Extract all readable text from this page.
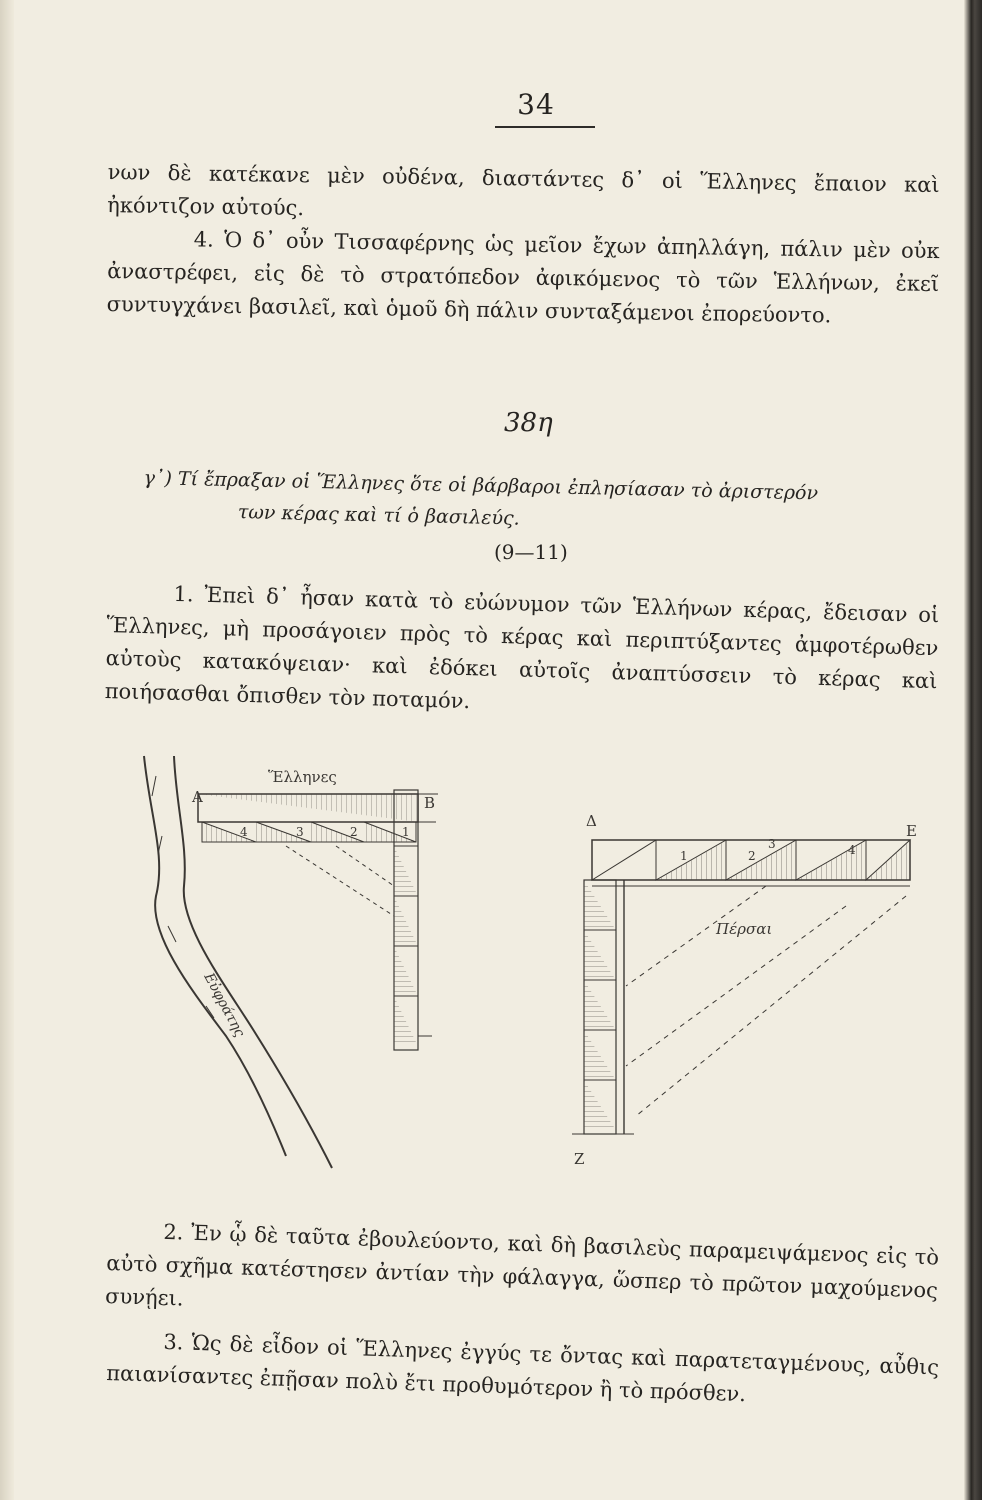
34

νων δὲ κατέκανε μὲν οὐδένα, διαστάντες δ᾽ οἱ Ἕλληνες ἔπαιον καὶ ἠκόντιζον αὐτούς.

4. Ὁ δ᾽ οὖν Τισσαφέρνης ὡς μεῖον ἔχων ἀπηλλάγη, πάλιν μὲν οὐκ ἀναστρέφει, εἰς δὲ τὸ στρατόπεδον ἀφικόμενος τὸ τῶν Ἑλλήνων, ἐκεῖ συντυγχάνει βασιλεῖ, καὶ ὁμοῦ δὴ πάλιν συνταξάμενοι ἐπορεύοντο.

38η
γ᾽) Τί ἔπραξαν οἱ Ἕλληνες ὅτε οἱ βάρβαροι ἐπλησίασαν τὸ ἀριστερόν
των κέρας καὶ τί ὁ βασιλεύς.
(9—11)

1. Ἐπεὶ δ᾽ ἦσαν κατὰ τὸ εὐώνυμον τῶν Ἑλλήνων κέρας, ἔδεισαν οἱ Ἕλληνες, μὴ προσάγοιεν πρὸς τὸ κέρας καὶ περιπτύξαντες ἀμφοτέρωθεν αὐτοὺς κατακόψειαν· καὶ ἐδόκει αὐτοῖς ἀναπτύσσειν τὸ κέρας καὶ ποιήσασθαι ὄπισθεν τὸν ποταμόν.

Εὐφράτης
Ἕλληνες
Α	Β
4	3	2	1
Δ
Ε
Ζ
Πέρσαι
1	2
3	4

2. Ἐν ᾧ δὲ ταῦτα ἐβουλεύοντο, καὶ δὴ βασιλεὺς παραμειψάμενος εἰς τὸ αὐτὸ σχῆμα κατέστησεν ἀντίαν τὴν φάλαγγα, ὥσπερ τὸ πρῶτον μαχούμενος συνῄει.

3. Ὡς δὲ εἶδον οἱ Ἕλληνες ἐγγύς τε ὄντας καὶ παρατεταγμένους, αὖθις παιανίσαντες ἐπῇσαν πολὺ ἔτι προθυμότερον ἢ τὸ πρόσθεν.
